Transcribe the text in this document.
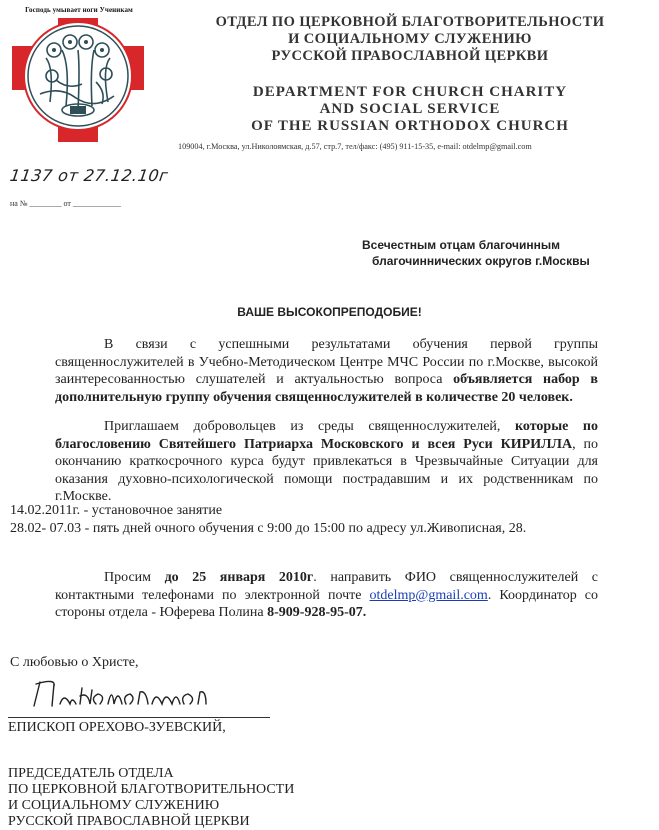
Господь умывает ноги Ученикам
ОТДЕЛ ПО ЦЕРКОВНОЙ БЛАГОТВОРИТЕЛЬНОСТИ
И СОЦИАЛЬНОМУ СЛУЖЕНИЮ
РУССКОЙ ПРАВОСЛАВНОЙ ЦЕРКВИ
DEPARTMENT FOR CHURCH CHARITY
AND SOCIAL SERVICE
OF THE RUSSIAN ORTHODOX CHURCH
109004, г.Москва, ул.Николоямская, д.57, стр.7, тел/факс: (495) 911-15-35, e-mail: otdelmp@gmail.com
1137 от 27.12.10г
на № ________ от ____________
Всечестным отцам благочинным
благочиннических округов г.Москвы
ВАШЕ ВЫСОКОПРЕПОДОБИЕ!
В связи с успешными результатами обучения первой группы священнослужителей в Учебно-Методическом Центре МЧС России по г.Москве, высокой заинтересованностью слушателей и актуальностью вопроса объявляется набор в дополнительную группу обучения священнослужителей в количестве 20 человек.
Приглашаем добровольцев из среды священнослужителей, которые по благословению Святейшего Патриарха Московского и всея Руси КИРИЛЛА, по окончанию краткосрочного курса будут привлекаться в Чрезвычайные Ситуации для оказания духовно-психологической помощи пострадавшим и их родственникам по г.Москве.
14.02.2011г. - установочное занятие
28.02- 07.03 - пять дней очного обучения с 9:00 до 15:00 по адресу ул.Живописная, 28.
Просим до 25 января 2010г. направить ФИО священнослужителей с контактными телефонами по электронной почте otdelmp@gmail.com. Координатор со стороны отдела - Юферева Полина 8-909-928-95-07.
С любовью о Христе,
ЕПИСКОП ОРЕХОВО-ЗУЕВСКИЙ,
ПРЕДСЕДАТЕЛЬ ОТДЕЛА
ПО ЦЕРКОВНОЙ БЛАГОТВОРИТЕЛЬНОСТИ
И СОЦИАЛЬНОМУ СЛУЖЕНИЮ
РУССКОЙ ПРАВОСЛАВНОЙ ЦЕРКВИ
